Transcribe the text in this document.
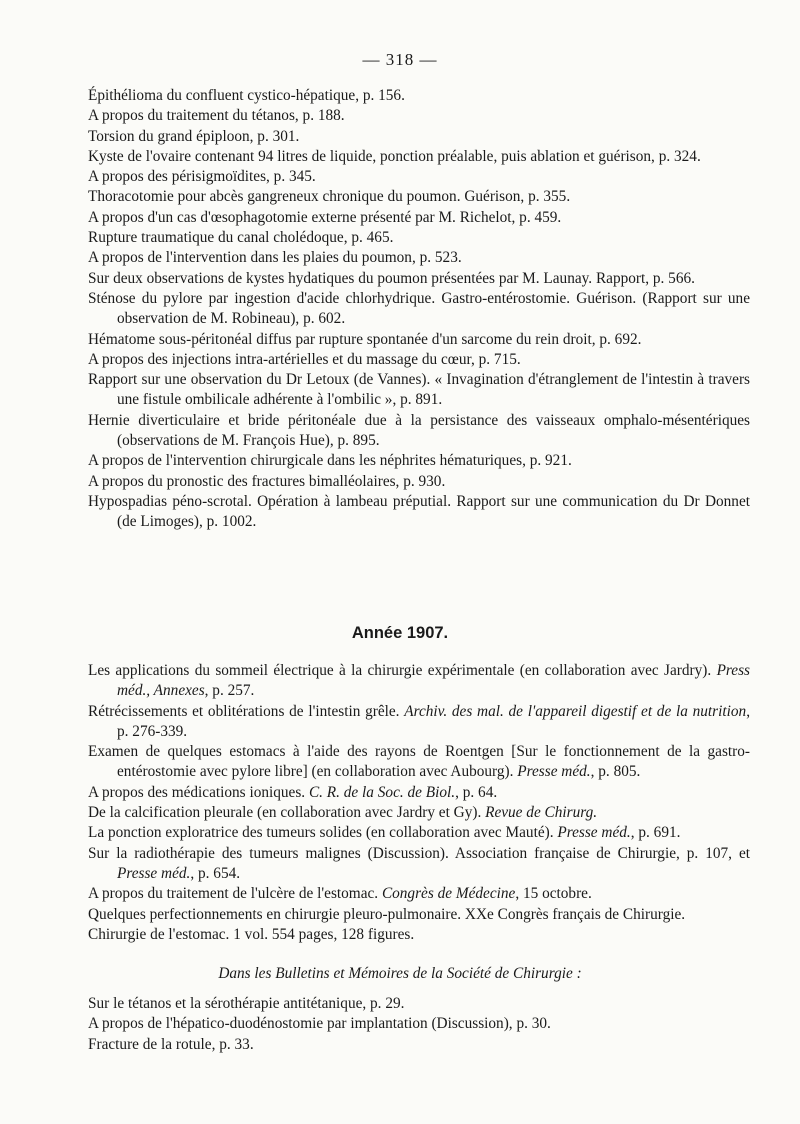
— 318 —

Épithélioma du confluent cystico-hépatique, p. 156.

A propos du traitement du tétanos, p. 188.

Torsion du grand épiploon, p. 301.

Kyste de l'ovaire contenant 94 litres de liquide, ponction préalable, puis ablation et guérison, p. 324.

A propos des périsigmoïdites, p. 345.

Thoracotomie pour abcès gangreneux chronique du poumon. Guérison, p. 355.

A propos d'un cas d'œsophagotomie externe présenté par M. Richelot, p. 459.

Rupture traumatique du canal cholédoque, p. 465.

A propos de l'intervention dans les plaies du poumon, p. 523.

Sur deux observations de kystes hydatiques du poumon présentées par M. Launay. Rapport, p. 566.

Sténose du pylore par ingestion d'acide chlorhydrique. Gastro-entérostomie. Guérison. (Rapport sur une observation de M. Robineau), p. 602.

Hématome sous-péritonéal diffus par rupture spontanée d'un sarcome du rein droit, p. 692.

A propos des injections intra-artérielles et du massage du cœur, p. 715.

Rapport sur une observation du Dr Letoux (de Vannes). « Invagination d'étranglement de l'intestin à travers une fistule ombilicale adhérente à l'ombilic », p. 891.

Hernie diverticulaire et bride péritonéale due à la persistance des vaisseaux omphalo-mésentériques (observations de M. François Hue), p. 895.

A propos de l'intervention chirurgicale dans les néphrites hématuriques, p. 921.

A propos du pronostic des fractures bimalléolaires, p. 930.

Hypospadias péno-scrotal. Opération à lambeau préputial. Rapport sur une communication du Dr Donnet (de Limoges), p. 1002.

Année 1907.

Les applications du sommeil électrique à la chirurgie expérimentale (en collaboration avec Jardry). Press méd., Annexes, p. 257.

Rétrécissements et oblitérations de l'intestin grêle. Archiv. des mal. de l'appareil digestif et de la nutrition, p. 276-339.

Examen de quelques estomacs à l'aide des rayons de Roentgen [Sur le fonctionnement de la gastro-entérostomie avec pylore libre] (en collaboration avec Aubourg). Presse méd., p. 805.

A propos des médications ioniques. C. R. de la Soc. de Biol., p. 64.

De la calcification pleurale (en collaboration avec Jardry et Gy). Revue de Chirurg.

La ponction exploratrice des tumeurs solides (en collaboration avec Mauté). Presse méd., p. 691.

Sur la radiothérapie des tumeurs malignes (Discussion). Association française de Chirurgie, p. 107, et Presse méd., p. 654.

A propos du traitement de l'ulcère de l'estomac. Congrès de Médecine, 15 octobre.

Quelques perfectionnements en chirurgie pleuro-pulmonaire. XXe Congrès français de Chirurgie.

Chirurgie de l'estomac. 1 vol. 554 pages, 128 figures.

Dans les Bulletins et Mémoires de la Société de Chirurgie :

Sur le tétanos et la sérothérapie antitétanique, p. 29.

A propos de l'hépatico-duodénostomie par implantation (Discussion), p. 30.

Fracture de la rotule, p. 33.
